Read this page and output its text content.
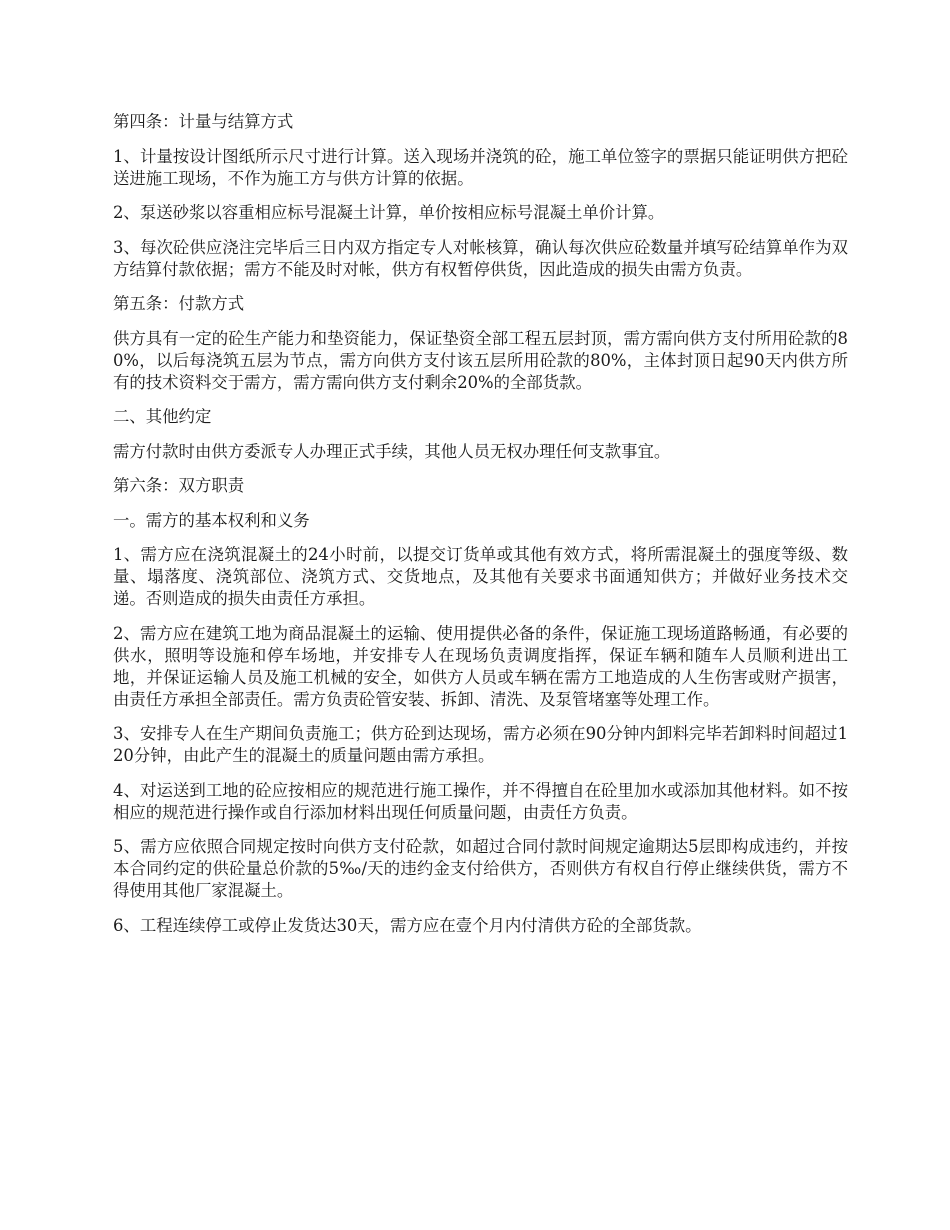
第四条：计量与结算方式

1、计量按设计图纸所示尺寸进行计算。送入现场并浇筑的砼，施工单位签字的票据只能证明供方把砼送进施工现场，不作为施工方与供方计算的依据。

2、泵送砂浆以容重相应标号混凝土计算，单价按相应标号混凝土单价计算。

3、每次砼供应浇注完毕后三日内双方指定专人对帐核算，确认每次供应砼数量并填写砼结算单作为双方结算付款依据；需方不能及时对帐，供方有权暂停供货，因此造成的损失由需方负责。

第五条：付款方式

供方具有一定的砼生产能力和垫资能力，保证垫资全部工程五层封顶，需方需向供方支付所用砼款的80%，以后每浇筑五层为节点，需方向供方支付该五层所用砼款的80%，主体封顶日起90天内供方所有的技术资料交于需方，需方需向供方支付剩余20%的全部货款。

二、其他约定

需方付款时由供方委派专人办理正式手续，其他人员无权办理任何支款事宜。

第六条：双方职责

一。需方的基本权利和义务

1、需方应在浇筑混凝土的24小时前，以提交订货单或其他有效方式，将所需混凝土的强度等级、数量、塌落度、浇筑部位、浇筑方式、交货地点，及其他有关要求书面通知供方；并做好业务技术交递。否则造成的损失由责任方承担。

2、需方应在建筑工地为商品混凝土的运输、使用提供必备的条件，保证施工现场道路畅通，有必要的供水，照明等设施和停车场地，并安排专人在现场负责调度指挥，保证车辆和随车人员顺利进出工地，并保证运输人员及施工机械的安全，如供方人员或车辆在需方工地造成的人生伤害或财产损害，由责任方承担全部责任。需方负责砼管安装、拆卸、清洗、及泵管堵塞等处理工作。

3、安排专人在生产期间负责施工；供方砼到达现场，需方必须在90分钟内卸料完毕若卸料时间超过120分钟，由此产生的混凝土的质量问题由需方承担。

4、对运送到工地的砼应按相应的规范进行施工操作，并不得擅自在砼里加水或添加其他材料。如不按相应的规范进行操作或自行添加材料出现任何质量问题，由责任方负责。

5、需方应依照合同规定按时向供方支付砼款，如超过合同付款时间规定逾期达5层即构成违约，并按本合同约定的供砼量总价款的5‰/天的违约金支付给供方，否则供方有权自行停止继续供货，需方不得使用其他厂家混凝土。

6、工程连续停工或停止发货达30天，需方应在壹个月内付清供方砼的全部货款。
